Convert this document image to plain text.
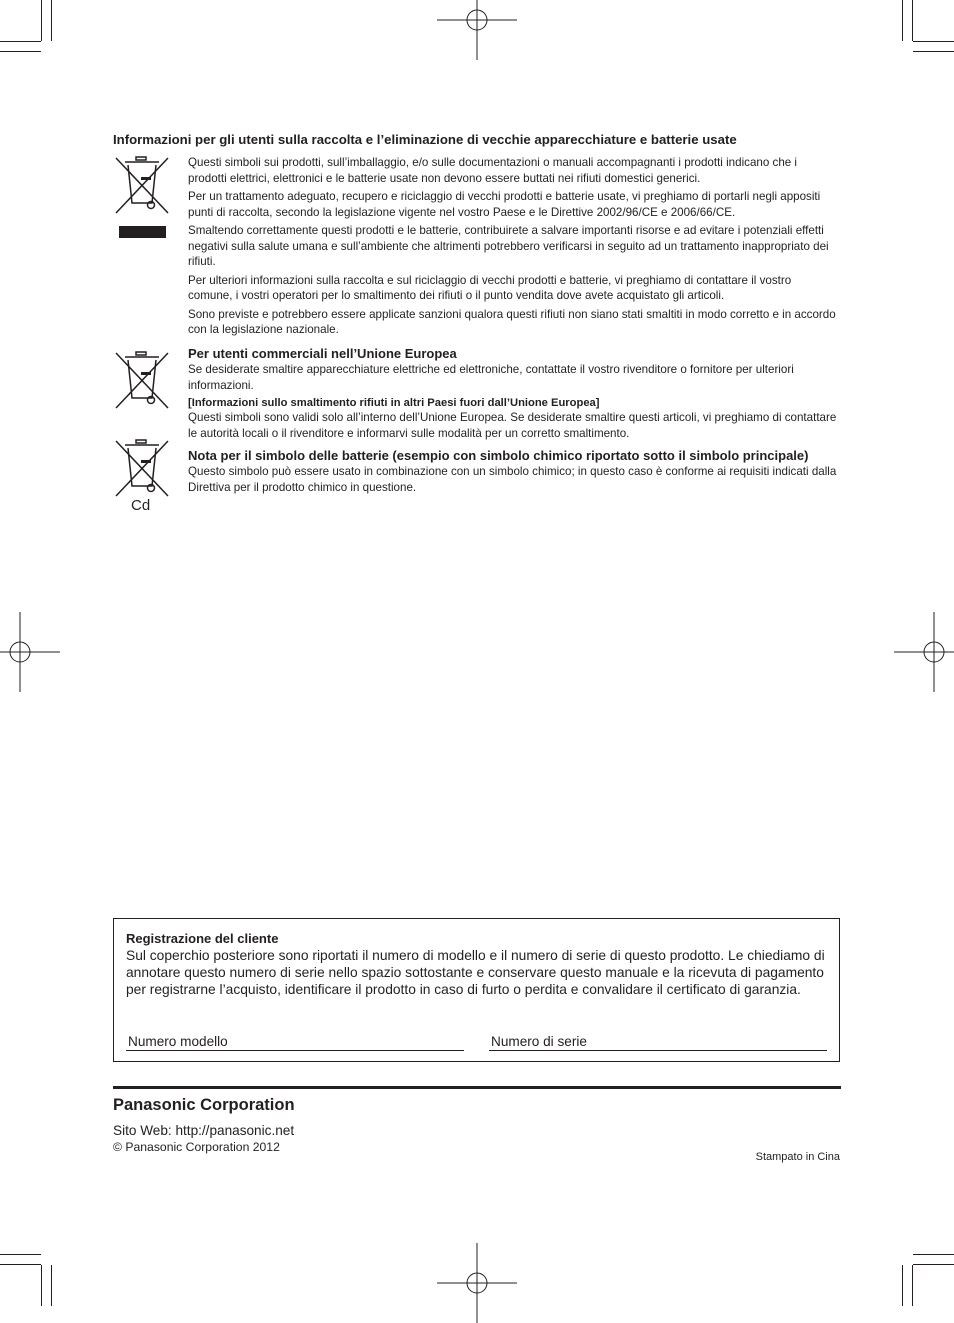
Informazioni per gli utenti sulla raccolta e l’eliminazione di vecchie apparecchiature e batterie usate

Questi simboli sui prodotti, sull’imballaggio, e/o sulle documentazioni o manuali accompagnanti i prodotti indicano che i prodotti elettrici, elettronici e le batterie usate non devono essere buttati nei rifiuti domestici generici.

Per un trattamento adeguato, recupero e riciclaggio di vecchi prodotti e batterie usate, vi preghiamo di portarli negli appositi punti di raccolta, secondo la legislazione vigente nel vostro Paese e le Direttive 2002/96/CE e 2006/66/CE.

Smaltendo correttamente questi prodotti e le batterie, contribuirete a salvare importanti risorse e ad evitare i potenziali effetti negativi sulla salute umana e sull’ambiente che altrimenti potrebbero verificarsi in seguito ad un trattamento inappropriato dei rifiuti.

Per ulteriori informazioni sulla raccolta e sul riciclaggio di vecchi prodotti e batterie, vi preghiamo di contattare il vostro comune, i vostri operatori per lo smaltimento dei rifiuti o il punto vendita dove avete acquistato gli articoli.

Sono previste e potrebbero essere applicate sanzioni qualora questi rifiuti non siano stati smaltiti in modo corretto e in accordo con la legislazione nazionale.

Per utenti commerciali nell’Unione Europea

Se desiderate smaltire apparecchiature elettriche ed elettroniche, contattate il vostro rivenditore o fornitore per ulteriori informazioni.

[Informazioni sullo smaltimento rifiuti in altri Paesi fuori dall’Unione Europea]

Questi simboli sono validi solo all’interno dell’Unione Europea. Se desiderate smaltire questi articoli, vi preghiamo di contattare le autorità locali o il rivenditore e informarvi sulle modalità per un corretto smaltimento.

Cd

Nota per il simbolo delle batterie (esempio con simbolo chimico riportato sotto il simbolo principale)

Questo simbolo può essere usato in combinazione con un simbolo chimico; in questo caso è conforme ai requisiti indicati dalla Direttiva per il prodotto chimico in questione.

Registrazione del cliente

Sul coperchio posteriore sono riportati il numero di modello e il numero di serie di questo prodotto. Le chiediamo di annotare questo numero di serie nello spazio sottostante e conservare questo manuale e la ricevuta di pagamento per registrarne l’acquisto, identificare il prodotto in caso di furto o perdita e convalidare il certificato di garanzia.

Numero modello	Numero di serie

Panasonic Corporation

Sito Web: http://panasonic.net

© Panasonic Corporation 2012

Stampato in Cina
